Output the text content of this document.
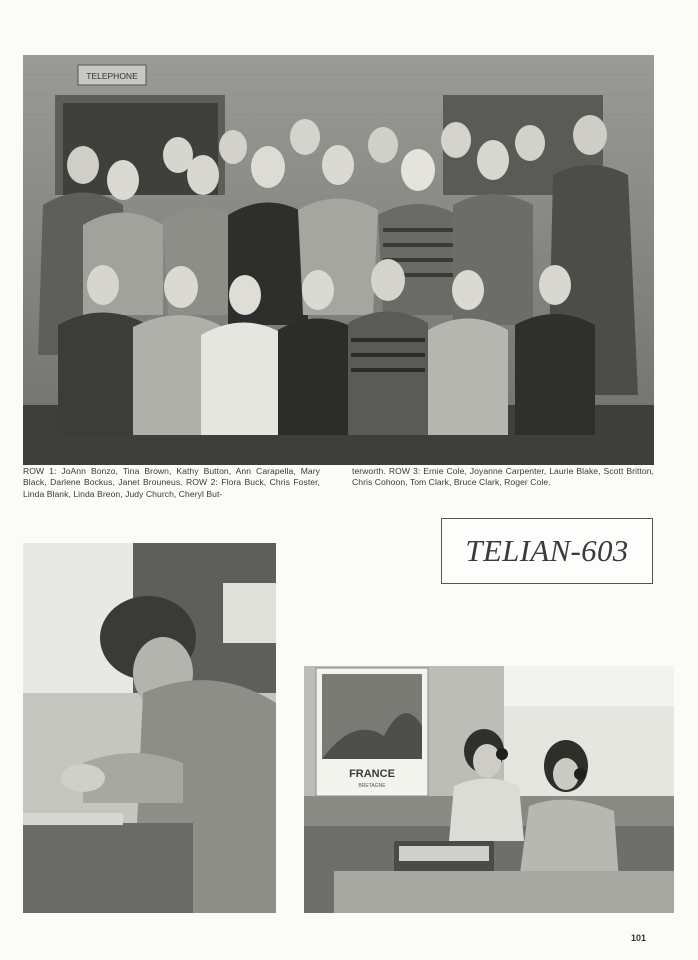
TELEPHONE
ROW 1: JoAnn Bonzo, Tina Brown, Kathy Button, Ann Carapella, Mary Black, Darlene Bockus, Janet Brouneus. ROW 2: Flora Buck, Chris Foster, Linda Blank, Linda Breon, Judy Church, Cheryl But-
terworth. ROW 3: Ernie Cole, Joyanne Carpenter, Laurie Blake, Scott Britton, Chris Cohoon, Tom Clark, Bruce Clark, Roger Cole.
TELIAN-603
FRANCE
BRETAGNE
101
